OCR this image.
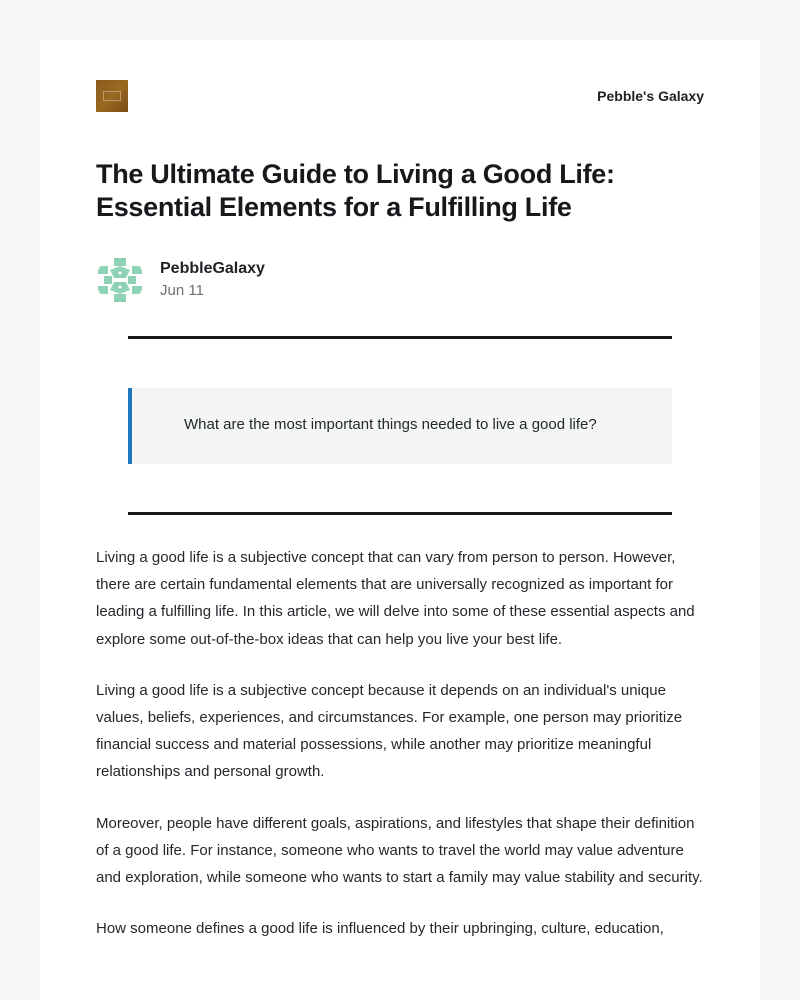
Pebble's Galaxy
The Ultimate Guide to Living a Good Life: Essential Elements for a Fulfilling Life
PebbleGalaxy
Jun 11
What are the most important things needed to live a good life?

Living a good life is a subjective concept that can vary from person to person. However, there are certain fundamental elements that are universally recognized as important for leading a fulfilling life. In this article, we will delve into some of these essential aspects and explore some out-of-the-box ideas that can help you live your best life.

Living a good life is a subjective concept because it depends on an individual's unique values, beliefs, experiences, and circumstances. For example, one person may prioritize financial success and material possessions, while another may prioritize meaningful relationships and personal growth.

Moreover, people have different goals, aspirations, and lifestyles that shape their definition of a good life. For instance, someone who wants to travel the world may value adventure and exploration, while someone who wants to start a family may value stability and security.

How someone defines a good life is influenced by their upbringing, culture, education,
